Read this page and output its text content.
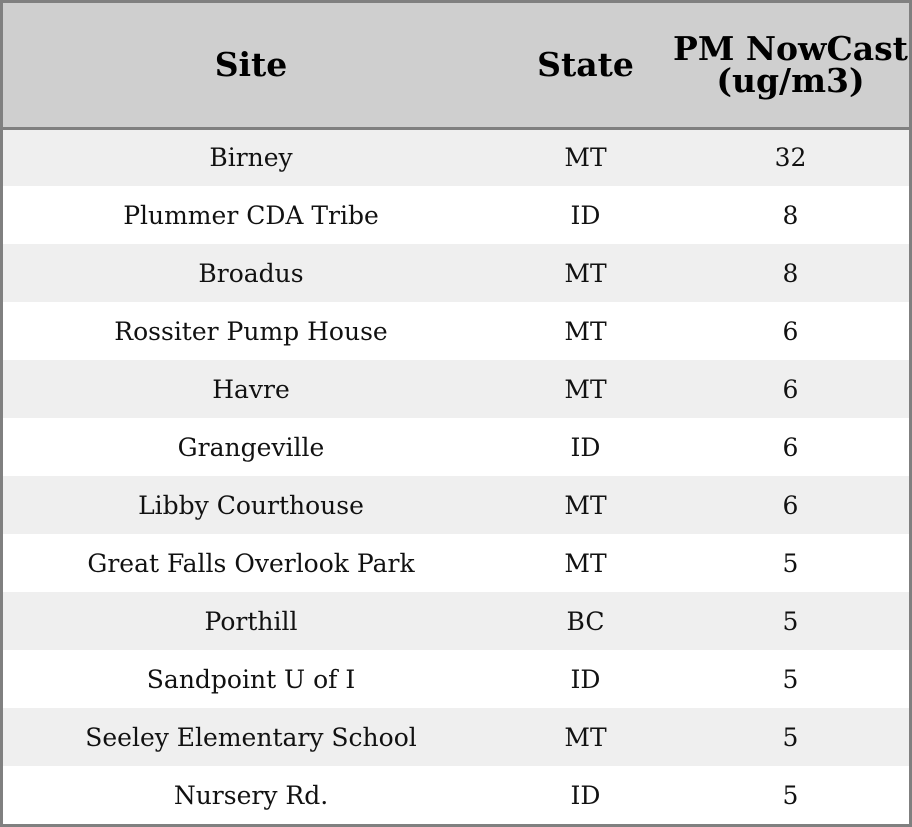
Site	State	PM NowCast (ug/m3)
Birney	MT	32
Plummer CDA Tribe	ID	8
Broadus	MT	8
Rossiter Pump House	MT	6
Havre	MT	6
Grangeville	ID	6
Libby Courthouse	MT	6
Great Falls Overlook Park	MT	5
Porthill	BC	5
Sandpoint U of I	ID	5
Seeley Elementary School	MT	5
Nursery Rd.	ID	5
